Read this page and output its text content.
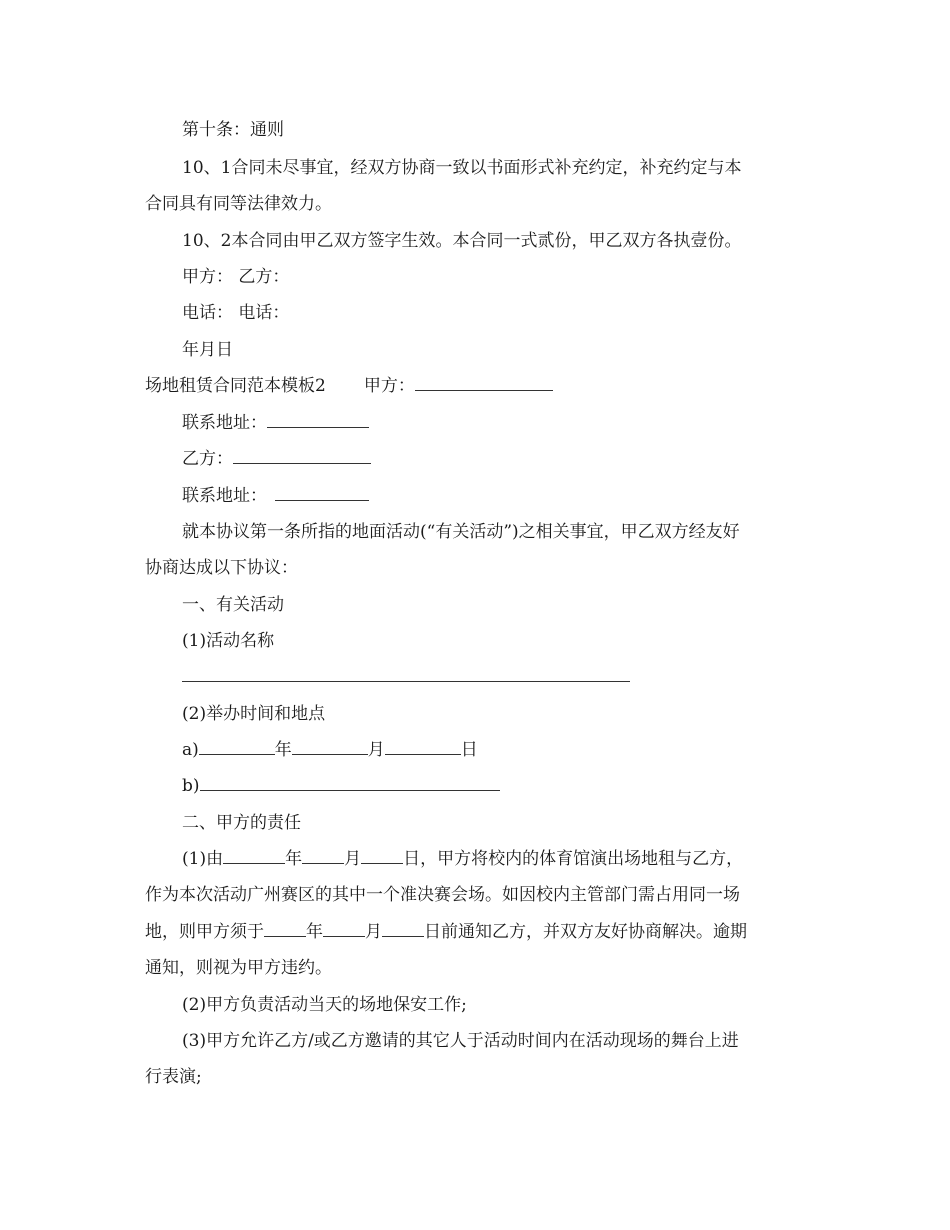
第十条：通则
10、1合同未尽事宜，经双方协商一致以书面形式补充约定，补充约定与本
合同具有同等法律效力。
10、2本合同由甲乙双方签字生效。本合同一式贰份，甲乙双方各执壹份。
甲方： 乙方：
电话： 电话：
年月日
场地租赁合同范本模板2 甲方：
联系地址：
乙方：
联系地址：
就本协议第一条所指的地面活动(“有关活动”)之相关事宜，甲乙双方经友好
协商达成以下协议：
一、有关活动
(1)活动名称
(2)举办时间和地点
a)	年	月	日
b)
二、甲方的责任
(1)由	年 月 日，甲方将校内的体育馆演出场地租与乙方，
作为本次活动广州赛区的其中一个准决赛会场。如因校内主管部门需占用同一场
地，则甲方须于 年 月 日前通知乙方，并双方友好协商解决。逾期
通知，则视为甲方违约。
(2)甲方负责活动当天的场地保安工作;
(3)甲方允许乙方/或乙方邀请的其它人于活动时间内在活动现场的舞台上进
行表演;
